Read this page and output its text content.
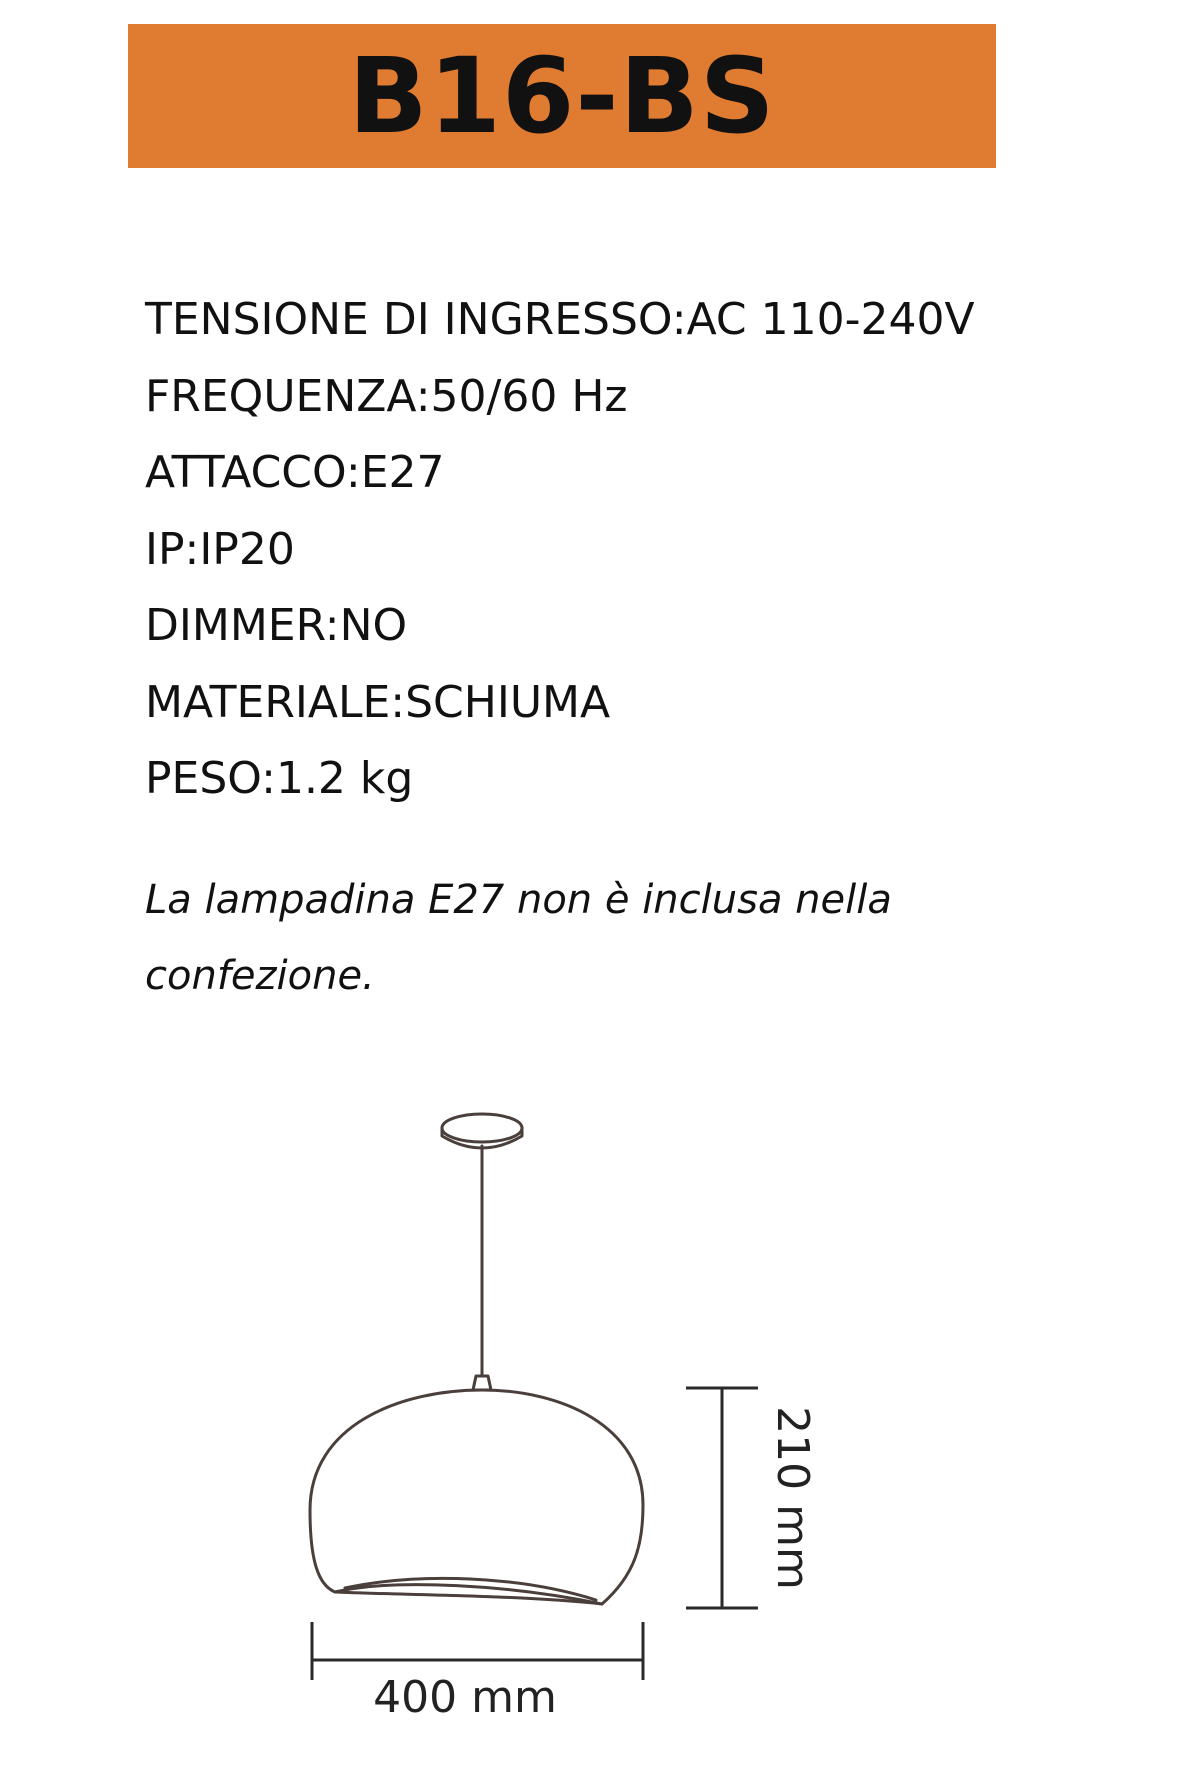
B16-BS
TENSIONE DI INGRESSO:AC 110-240V
FREQUENZA:50/60 Hz
ATTACCO:E27
IP:IP20
DIMMER:NO
MATERIALE:SCHIUMA
PESO:1.2 kg
La lampadina E27 non è inclusa nella
confezione.
210 mm
400 mm
